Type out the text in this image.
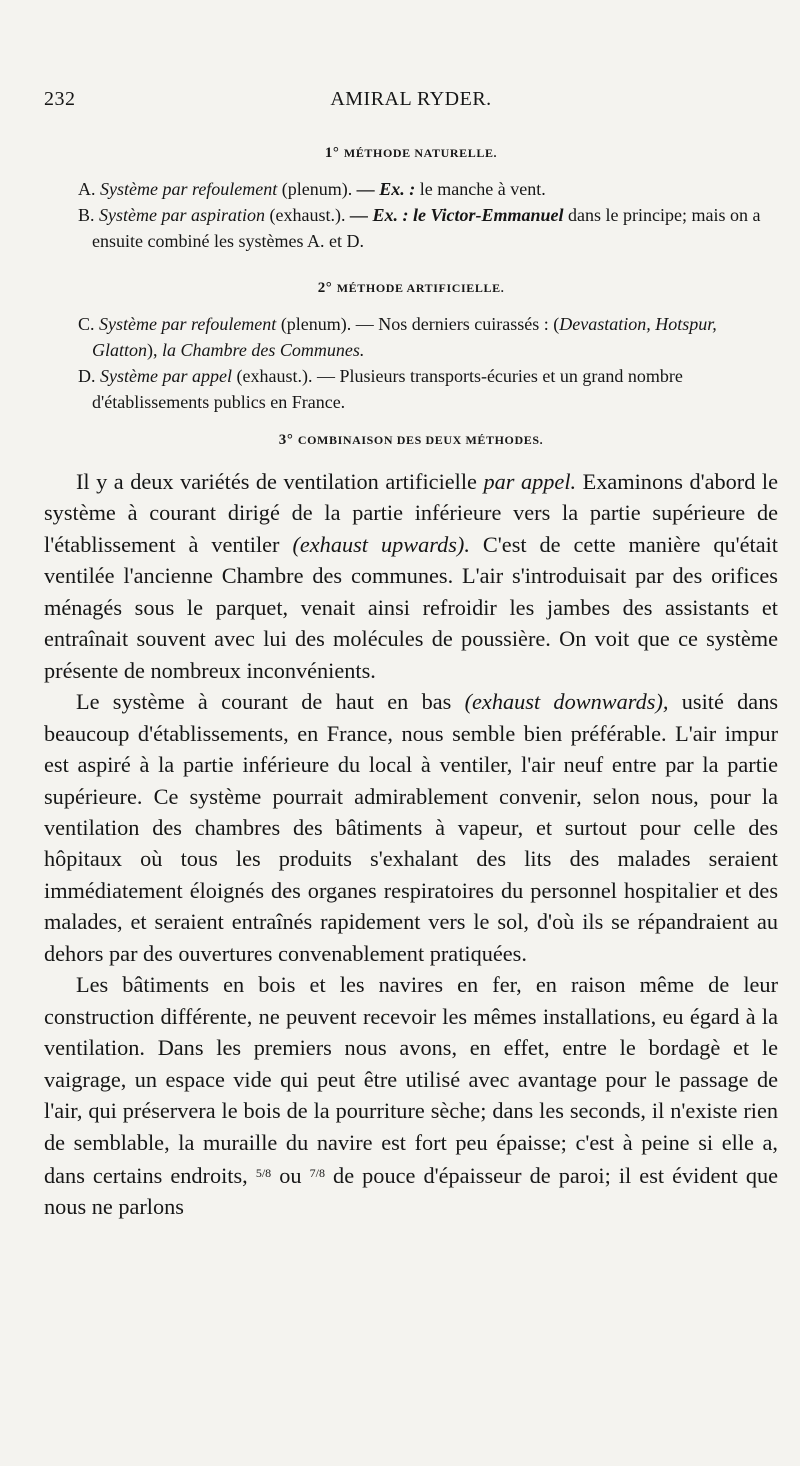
232	AMIRAL RYDER.
1° MÉTHODE NATURELLE.

A. Système par refoulement (plenum). — Ex. : le manche à vent.

B. Système par aspiration (exhaust.). — Ex. : le Victor-Emmanuel dans le principe; mais on a ensuite combiné les systèmes A. et D.

2° MÉTHODE ARTIFICIELLE.

C. Système par refoulement (plenum). — Nos derniers cuirassés : (Devastation, Hotspur, Glatton), la Chambre des Communes.

D. Système par appel (exhaust.). — Plusieurs transports-écuries et un grand nombre d'établissements publics en France.

3° COMBINAISON DES DEUX MÉTHODES.

Il y a deux variétés de ventilation artificielle par appel. Examinons d'abord le système à courant dirigé de la partie inférieure vers la partie supérieure de l'établissement à ventiler (exhaust upwards). C'est de cette manière qu'était ventilée l'ancienne Chambre des communes. L'air s'introduisait par des orifices ménagés sous le parquet, venait ainsi refroidir les jambes des assistants et entraînait souvent avec lui des molécules de poussière. On voit que ce système présente de nombreux inconvénients.

Le système à courant de haut en bas (exhaust downwards), usité dans beaucoup d'établissements, en France, nous semble bien préférable. L'air impur est aspiré à la partie inférieure du local à ventiler, l'air neuf entre par la partie supérieure. Ce système pourrait admirablement convenir, selon nous, pour la ventilation des chambres des bâtiments à vapeur, et surtout pour celle des hôpitaux où tous les produits s'exhalant des lits des malades seraient immédiatement éloignés des organes respiratoires du personnel hospitalier et des malades, et seraient entraînés rapidement vers le sol, d'où ils se répandraient au dehors par des ouvertures convenablement pratiquées.

Les bâtiments en bois et les navires en fer, en raison même de leur construction différente, ne peuvent recevoir les mêmes installations, eu égard à la ventilation. Dans les premiers nous avons, en effet, entre le bordagè et le vaigrage, un espace vide qui peut être utilisé avec avantage pour le passage de l'air, qui préservera le bois de la pourriture sèche; dans les seconds, il n'existe rien de semblable, la muraille du navire est fort peu épaisse; c'est à peine si elle a, dans certains endroits, $^{5/8}$ ou $^{7/8}$ de pouce d'épaisseur de paroi; il est évident que nous ne parlons
